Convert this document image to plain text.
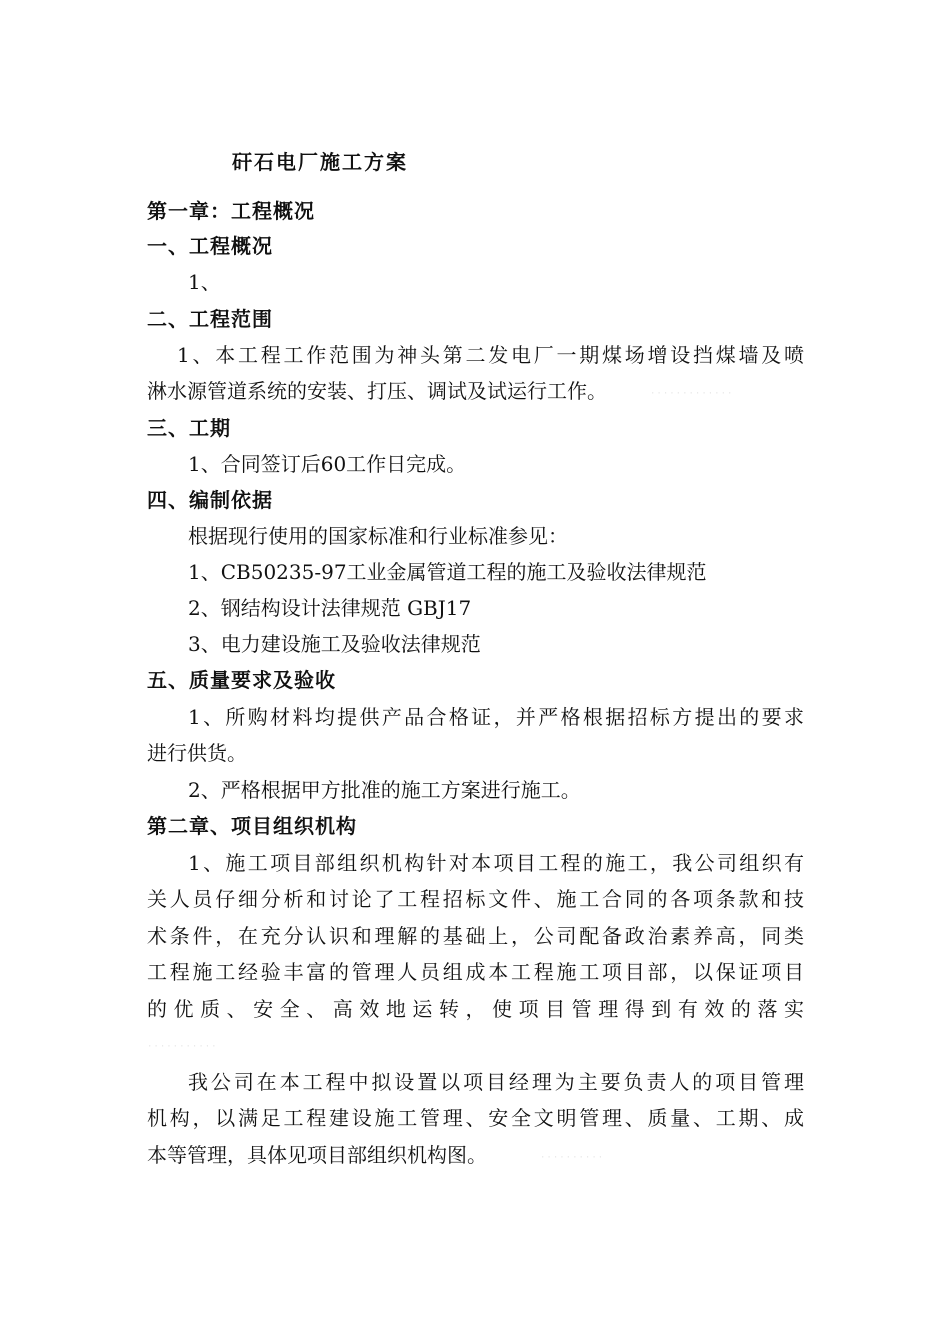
矸石电厂施工方案
第一章：工程概况
一、工程概况
1、
二、工程范围
1、本工程工作范围为神头第二发电厂一期煤场增设挡煤墙及喷
淋水源管道系统的安装、打压、调试及试运行工作。	·············
三、工期
1、合同签订后60工作日完成。
四、编制依据
根据现行使用的国家标准和行业标准参见：
1、CB50235-97工业金属管道工程的施工及验收法律规范
2、钢结构设计法律规范 GBJ17
3、电力建设施工及验收法律规范
五、质量要求及验收
1、所购材料均提供产品合格证，并严格根据招标方提出的要求
进行供货。
2、严格根据甲方批准的施工方案进行施工。
第二章、项目组织机构
1、施工项目部组织机构针对本项目工程的施工，我公司组织有
关人员仔细分析和讨论了工程招标文件、施工合同的各项条款和技
术条件，在充分认识和理解的基础上，公司配备政治素养高，同类
工程施工经验丰富的管理人员组成本工程施工项目部，以保证项目
的优质、安全、高效地运转，使项目管理得到有效的落实
···········
我公司在本工程中拟设置以项目经理为主要负责人的项目管理
机构，以满足工程建设施工管理、安全文明管理、质量、工期、成
本等管理，具体见项目部组织机构图。	··········
